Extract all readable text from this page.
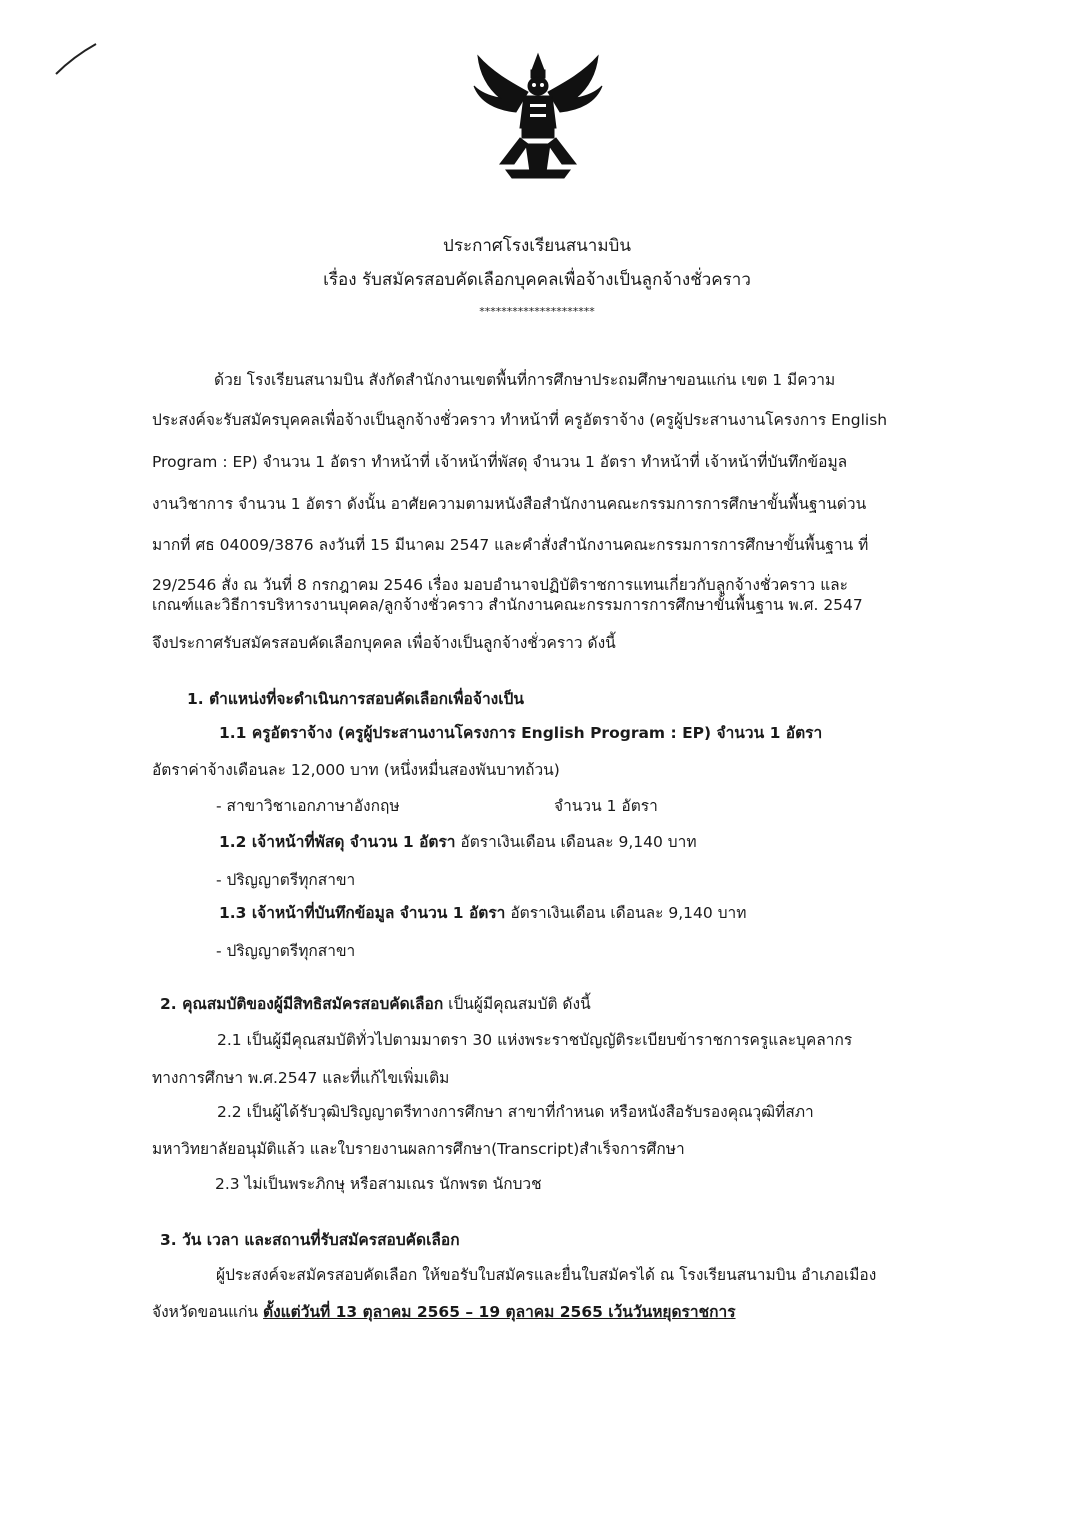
ประกาศโรงเรียนสนามบิน
เรื่อง รับสมัครสอบคัดเลือกบุคคลเพื่อจ้างเป็นลูกจ้างชั่วคราว
*********************
ด้วย โรงเรียนสนามบิน สังกัดสำนักงานเขตพื้นที่การศึกษาประถมศึกษาขอนแก่น เขต 1 มีความ
ประสงค์จะรับสมัครบุคคลเพื่อจ้างเป็นลูกจ้างชั่วคราว ทำหน้าที่ ครูอัตราจ้าง (ครูผู้ประสานงานโครงการ English
Program : EP) จำนวน 1 อัตรา ทำหน้าที่ เจ้าหน้าที่พัสดุ จำนวน 1 อัตรา ทำหน้าที่ เจ้าหน้าที่บันทึกข้อมูล
งานวิชาการ จำนวน 1 อัตรา ดังนั้น อาศัยความตามหนังสือสำนักงานคณะกรรมการการศึกษาขั้นพื้นฐานด่วน
มากที่ ศธ 04009/3876 ลงวันที่ 15 มีนาคม 2547 และคำสั่งสำนักงานคณะกรรมการการศึกษาขั้นพื้นฐาน ที่
29/2546 สั่ง ณ วันที่ 8 กรกฎาคม 2546 เรื่อง มอบอำนาจปฏิบัติราชการแทนเกี่ยวกับลูกจ้างชั่วคราว และ
เกณฑ์และวิธีการบริหารงานบุคคล/ลูกจ้างชั่วคราว สำนักงานคณะกรรมการการศึกษาขั้นพื้นฐาน พ.ศ. 2547
จึงประกาศรับสมัครสอบคัดเลือกบุคคล เพื่อจ้างเป็นลูกจ้างชั่วคราว ดังนี้
1. ตำแหน่งที่จะดำเนินการสอบคัดเลือกเพื่อจ้างเป็น
1.1 ครูอัตราจ้าง (ครูผู้ประสานงานโครงการ English Program : EP) จำนวน 1 อัตรา
อัตราค่าจ้างเดือนละ 12,000 บาท (หนึ่งหมื่นสองพันบาทถ้วน)
- สาขาวิชาเอกภาษาอังกฤษ	จำนวน 1 อัตรา
1.2 เจ้าหน้าที่พัสดุ จำนวน 1 อัตรา อัตราเงินเดือน เดือนละ 9,140 บาท
- ปริญญาตรีทุกสาขา
1.3 เจ้าหน้าที่บันทึกข้อมูล จำนวน 1 อัตรา อัตราเงินเดือน เดือนละ 9,140 บาท
- ปริญญาตรีทุกสาขา
2. คุณสมบัติของผู้มีสิทธิสมัครสอบคัดเลือก เป็นผู้มีคุณสมบัติ ดังนี้
2.1 เป็นผู้มีคุณสมบัติทั่วไปตามมาตรา 30 แห่งพระราชบัญญัติระเบียบข้าราชการครูและบุคลากร
ทางการศึกษา พ.ศ.2547 และที่แก้ไขเพิ่มเติม
2.2 เป็นผู้ได้รับวุฒิปริญญาตรีทางการศึกษา สาขาที่กำหนด หรือหนังสือรับรองคุณวุฒิที่สภา
มหาวิทยาลัยอนุมัติแล้ว และใบรายงานผลการศึกษา(Transcript)สำเร็จการศึกษา
2.3 ไม่เป็นพระภิกษุ หรือสามเณร นักพรต นักบวช
3. วัน เวลา และสถานที่รับสมัครสอบคัดเลือก
ผู้ประสงค์จะสมัครสอบคัดเลือก ให้ขอรับใบสมัครและยื่นใบสมัครได้ ณ โรงเรียนสนามบิน อำเภอเมือง
จังหวัดขอนแก่น ตั้งแต่วันที่ 13 ตุลาคม 2565 – 19 ตุลาคม 2565 เว้นวันหยุดราชการ
